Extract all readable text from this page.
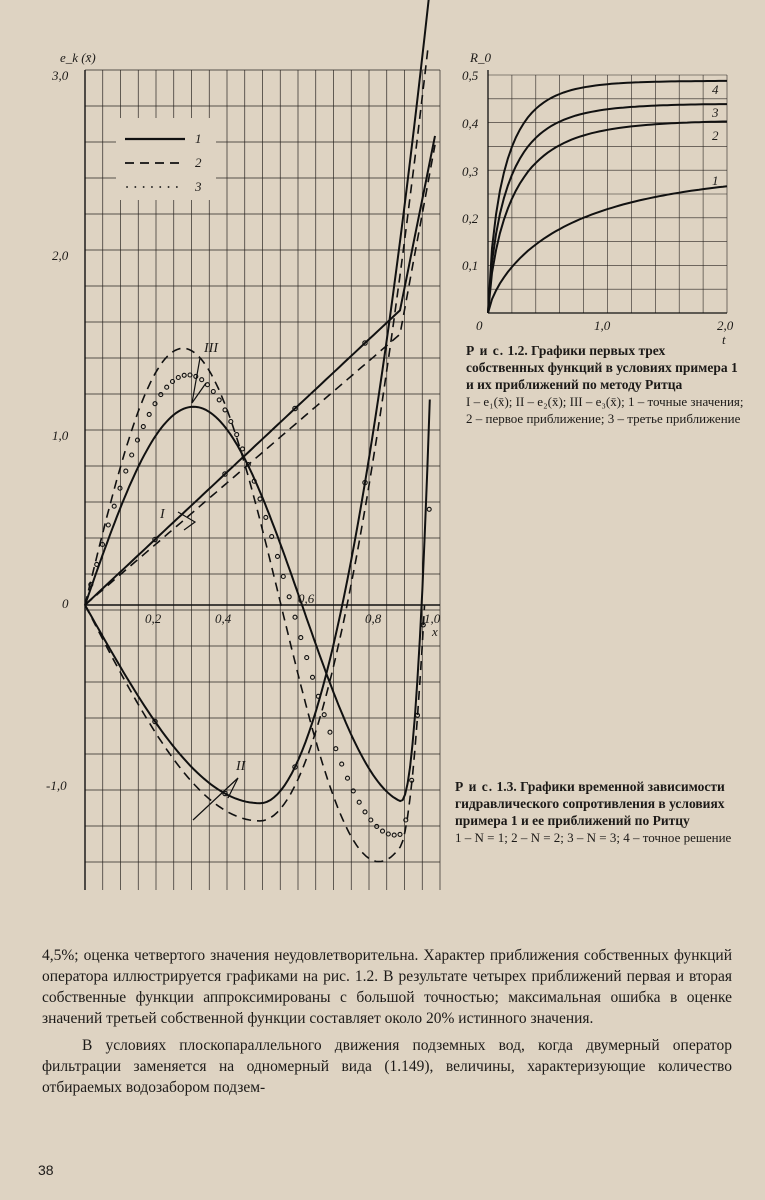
3,0
2,0
1,0
0
-1,0
0,2	0,4
0,6
0,8	1,0
x
e_k (x̄)
1
2
3
I
II
III
R_0
0,5
0,4
0,3
0,2
0,1
0	1,0	2,0
t
4
3
2
1
Р и с. 1.2. Графики первых трех собственных функций в условиях примера 1 и их приближений по методу Ритца
I – e₁(x̄); II – e₂(x̄); III – e₃(x̄); 1 – точные значения; 2 – первое приближение; 3 – третье приближение
Р и с. 1.3. Графики временной зависимости гидравлического сопротивления в условиях примера 1 и ее приближений по Ритцу
1 – N = 1; 2 – N = 2; 3 – N = 3; 4 – точное решение

4,5%; оценка четвертого значения неудовлетворительна. Характер приближения собственных функций оператора иллюстрируется графиками на рис. 1.2. В результате четырех приближений первая и вторая собственные функции аппроксимированы с большой точностью; максимальная ошибка в оценке значений третьей собственной функции составляет около 20% истинного значения.

В условиях плоскопараллельного движения подземных вод, когда двумерный оператор фильтрации заменяется на одномерный вида (1.149), величины, характеризующие количество отбираемых водозабором подзем-

38
